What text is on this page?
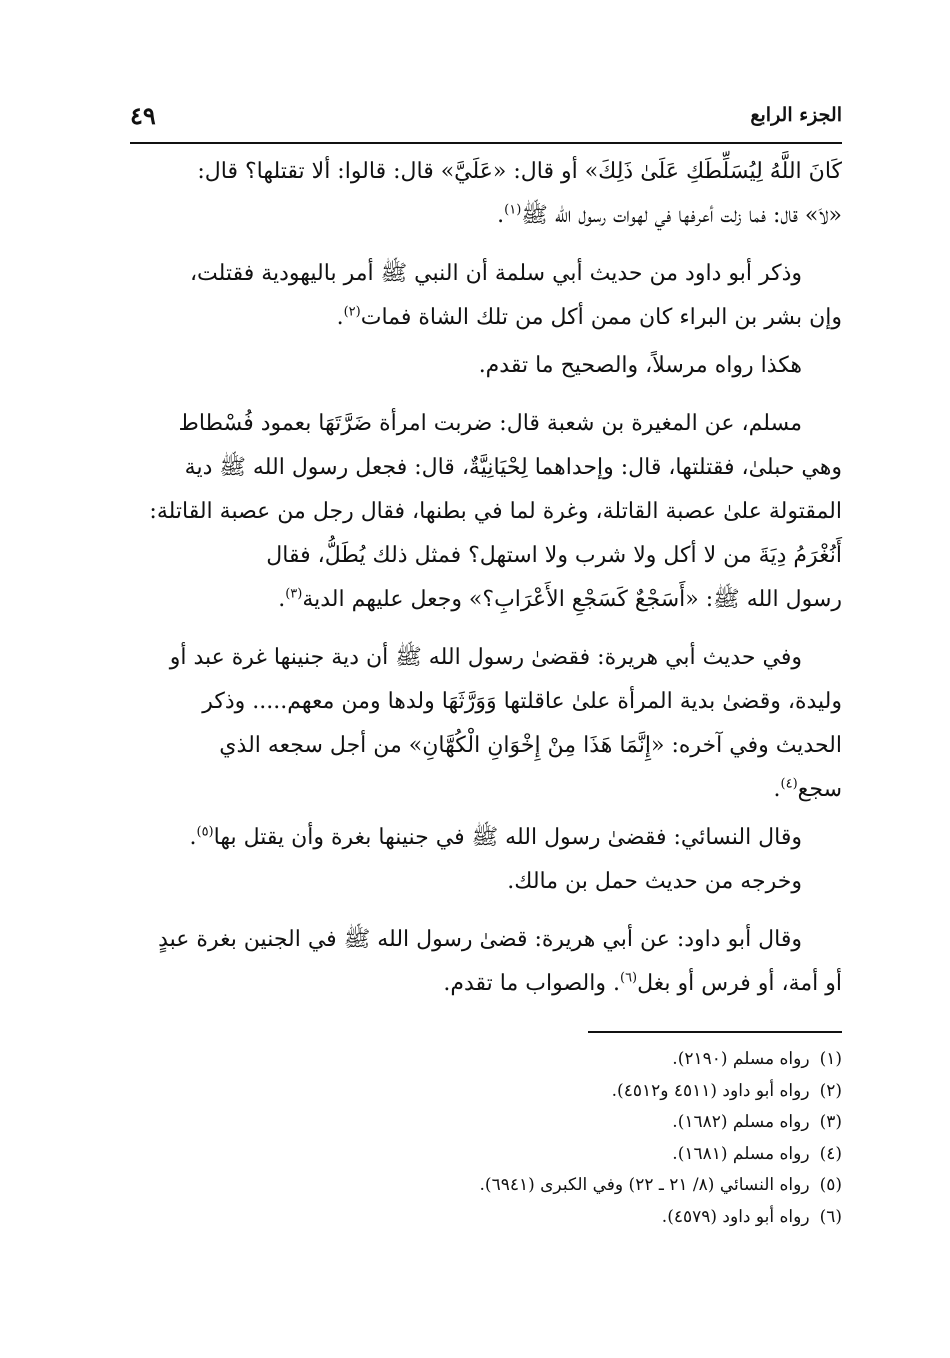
الجزء الرابع
٤٩

كَانَ اللَّهُ لِيُسَلِّطَكِ عَلَىٰ ذَلِكَ» أو قال: «عَلَيَّ» قال: قالوا: ألا تقتلها؟ قال:
«لاَ» قال: فما زلت أعرفها في لهوات رسول الله ﷺ$^{(١)}$.

وذكر أبو داود من حديث أبي سلمة أن النبي ﷺ أمر باليهودية فقتلت،
وإن بشر بن البراء كان ممن أكل من تلك الشاة فمات$^{(٢)}$.

هكذا رواه مرسلاً، والصحيح ما تقدم.

مسلم، عن المغيرة بن شعبة قال: ضربت امرأة ضَرَّتَهَا بعمود فُسْطاط
وهي حبلىٰ، فقتلتها، قال: وإحداهما لِحْيَانِيَّةٌ، قال: فجعل رسول الله ﷺ دية
المقتولة علىٰ عصبة القاتلة، وغرة لما في بطنها، فقال رجل من عصبة القاتلة:
أَنُغْرَمُ دِيَةَ من لا أكل ولا شرب ولا استهل؟ فمثل ذلك يُطَلُّ، فقال
رسول الله ﷺ: «أَسَجْعٌ كَسَجْعِ الأَعْرَابِ؟» وجعل عليهم الدية$^{(٣)}$.

وفي حديث أبي هريرة: فقضىٰ رسول الله ﷺ أن دية جنينها غرة عبد أو
وليدة، وقضىٰ بدية المرأة علىٰ عاقلتها وَوَرَّثَهَا ولدها ومن معهم..... وذكر
الحديث وفي آخره: «إِنَّمَا هَذَا مِنْ إِخْوَانِ الْكُهَّانِ» من أجل سجعه الذي
سجع$^{(٤)}$.

وقال النسائي: فقضىٰ رسول الله ﷺ في جنينها بغرة وأن يقتل بها$^{(٥)}$.

وخرجه من حديث حمل بن مالك.

وقال أبو داود: عن أبي هريرة: قضىٰ رسول الله ﷺ في الجنين بغرة عبدٍ
أو أمة، أو فرس أو بغل$^{(٦)}$. والصواب ما تقدم.

(١)رواه مسلم (٢١٩٠).
(٢)رواه أبو داود (٤٥١١ و٤٥١٢).
(٣)رواه مسلم (١٦٨٢).
(٤)رواه مسلم (١٦٨١).
(٥)رواه النسائي (٨/ ٢١ ـ ٢٢) وفي الكبرى (٦٩٤١).
(٦)رواه أبو داود (٤٥٧٩).
